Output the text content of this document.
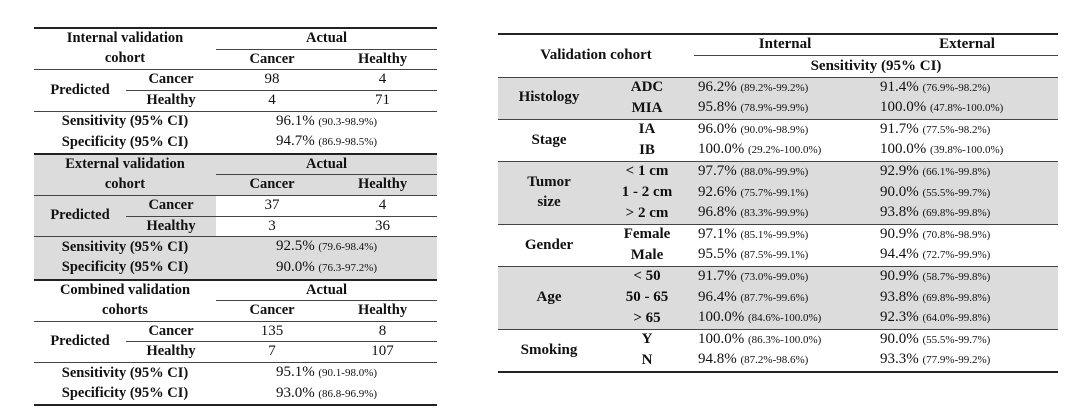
Internal validation		Actual	
cohort		Cancer	Healthy
Predicted	Cancer	98	4
	Healthy	4	71
Sensitivity (95% CI)		96.1% (90.3-98.9%)	
Specificity (95% CI)		94.7% (86.9-98.5%)	
External validation		Actual	
cohort		Cancer	Healthy
Predicted	Cancer	37	4
	Healthy	3	36
Sensitivity (95% CI)		92.5% (79.6-98.4%)	
Specificity (95% CI)		90.0% (76.3-97.2%)	
Combined validation		Actual	
cohorts		Cancer	Healthy
Predicted	Cancer	135	8
	Healthy	7	107
Sensitivity (95% CI)		95.1% (90.1-98.0%)	
Specificity (95% CI)		93.0% (86.8-96.9%)	
Validation cohort		Internal	External
		Sensitivity (95% CI)	
Histology	ADC	96.2% (89.2%-99.2%)	91.4% (76.9%-98.2%)
	MIA	95.8% (78.9%-99.9%)	100.0% (47.8%-100.0%)
Stage	IA	96.0% (90.0%-98.9%)	91.7% (77.5%-98.2%)
	IB	100.0% (29.2%-100.0%)	100.0% (39.8%-100.0%)
Tumor
size	< 1 cm	97.7% (88.0%-99.9%)	92.9% (66.1%-99.8%)
	1 - 2 cm	92.6% (75.7%-99.1%)	90.0% (55.5%-99.7%)
	> 2 cm	96.8% (83.3%-99.9%)	93.8% (69.8%-99.8%)
Gender	Female	97.1% (85.1%-99.9%)	90.9% (70.8%-98.9%)
	Male	95.5% (87.5%-99.1%)	94.4% (72.7%-99.9%)
Age	< 50	91.7% (73.0%-99.0%)	90.9% (58.7%-99.8%)
	50 - 65	96.4% (87.7%-99.6%)	93.8% (69.8%-99.8%)
	> 65	100.0% (84.6%-100.0%)	92.3% (64.0%-99.8%)
Smoking	Y	100.0% (86.3%-100.0%)	90.0% (55.5%-99.7%)
	N	94.8% (87.2%-98.6%)	93.3% (77.9%-99.2%)
